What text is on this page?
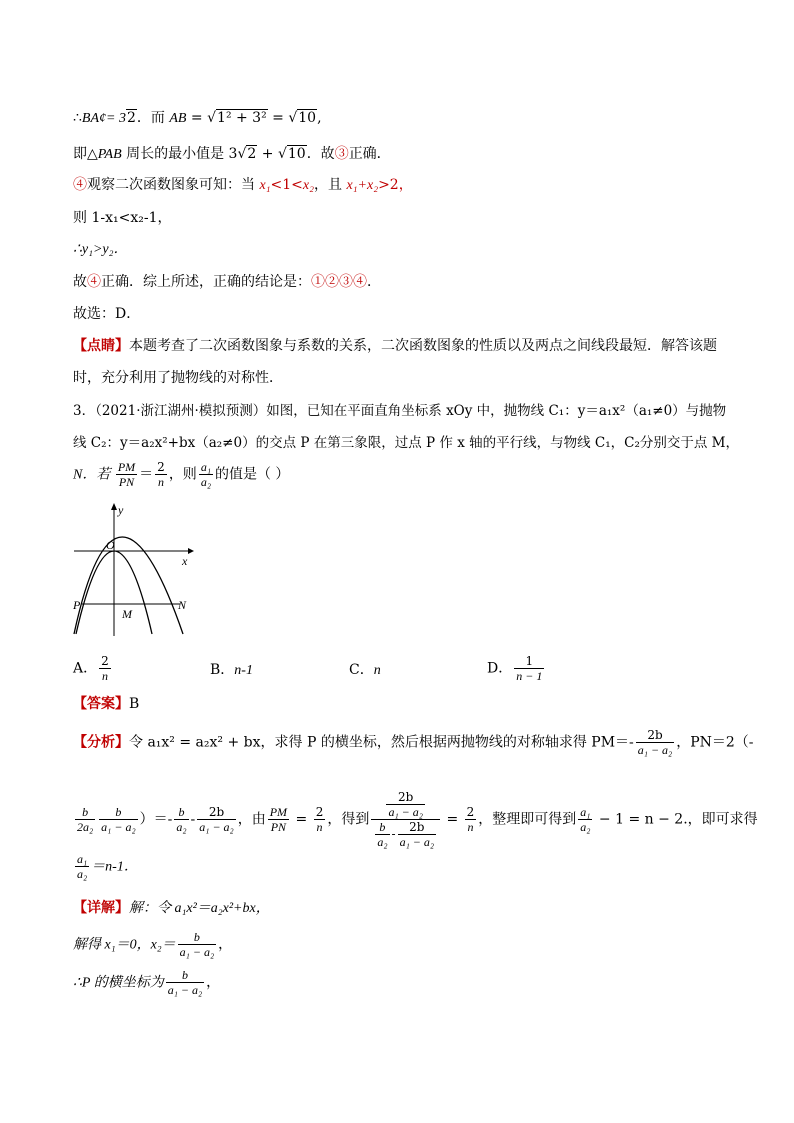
∴BA¢= 32．而 AB = √1² + 3² = √10,
即△PAB 周长的最小值是 3√2 + √10．故③正确．
④观察二次函数图象可知：当 x₁<1<x₂，且 x₁+x₂>2，
则 1-x₁<x₂-1，
∴y₁>y₂．
故④正确．综上所述，正确的结论是：①②③④．
故选：D．
【点睛】本题考查了二次函数图象与系数的关系，二次函数图象的性质以及两点之间线段最短．解答该题
时，充分利用了抛物线的对称性．
3．（2021·浙江湖州·模拟预测）如图，已知在平面直角坐标系 xOy 中，抛物线 C₁：y＝a₁x²（a₁≠0）与抛物
线 C₂：y＝a₂x²+bx（a₂≠0）的交点 P 在第三象限，过点 P 作 x 轴的平行线，与物线 C₁，C₂分别交于点 M，
N．若 $\frac{PM}{PN} = \frac{2}{n}$ ，则 $\frac{\text{a₁}}{\text{a₂}}$ 的值是（ ）
O
y
x
P
M
N
A． $\frac{2}{n}$	B．n-1	C．n	D． $\frac{1}{n - 1}$
【答案】B
【分析】令 a₁x² = a₂x² + bx，求得 P 的横坐标，然后根据两抛物线的对称轴求得 $PM=- \frac{2b}{\text{a₁ − a₂}}$ ，PN＝2（-
$\frac{b}{\text{2a₂}} \frac{b}{\text{a₁ − a₂}}$ ）＝- $\frac{b}{\text{a₂}} - \frac{2b}{\text{a₁ − a₂}}$ ，由 $\frac{PM}{PN} = \frac{2}{n}$ ，得到 $\frac{\frac{2b}{\text{a₁ − a₂}}}{\frac{b}{\text{a₂}} - \frac{2b}{\text{a₁ − a₂}}} = \frac{2}{n}$ ，整理即可得到 $\frac{\text{a₁}}{\text{a₂}} - 1 = n - 2$.，即可求得
$\frac{\text{a₁}}{\text{a₂}} =n-1$．
【详解】解：令 a₁x²＝a₂x²+bx，
解得 x₁＝0，$x_2= \frac{b}{\text{a₁ − a₂}}$ ，
∴P 的横坐标为 $\frac{b}{\text{a₁ − a₂}}$ ，
